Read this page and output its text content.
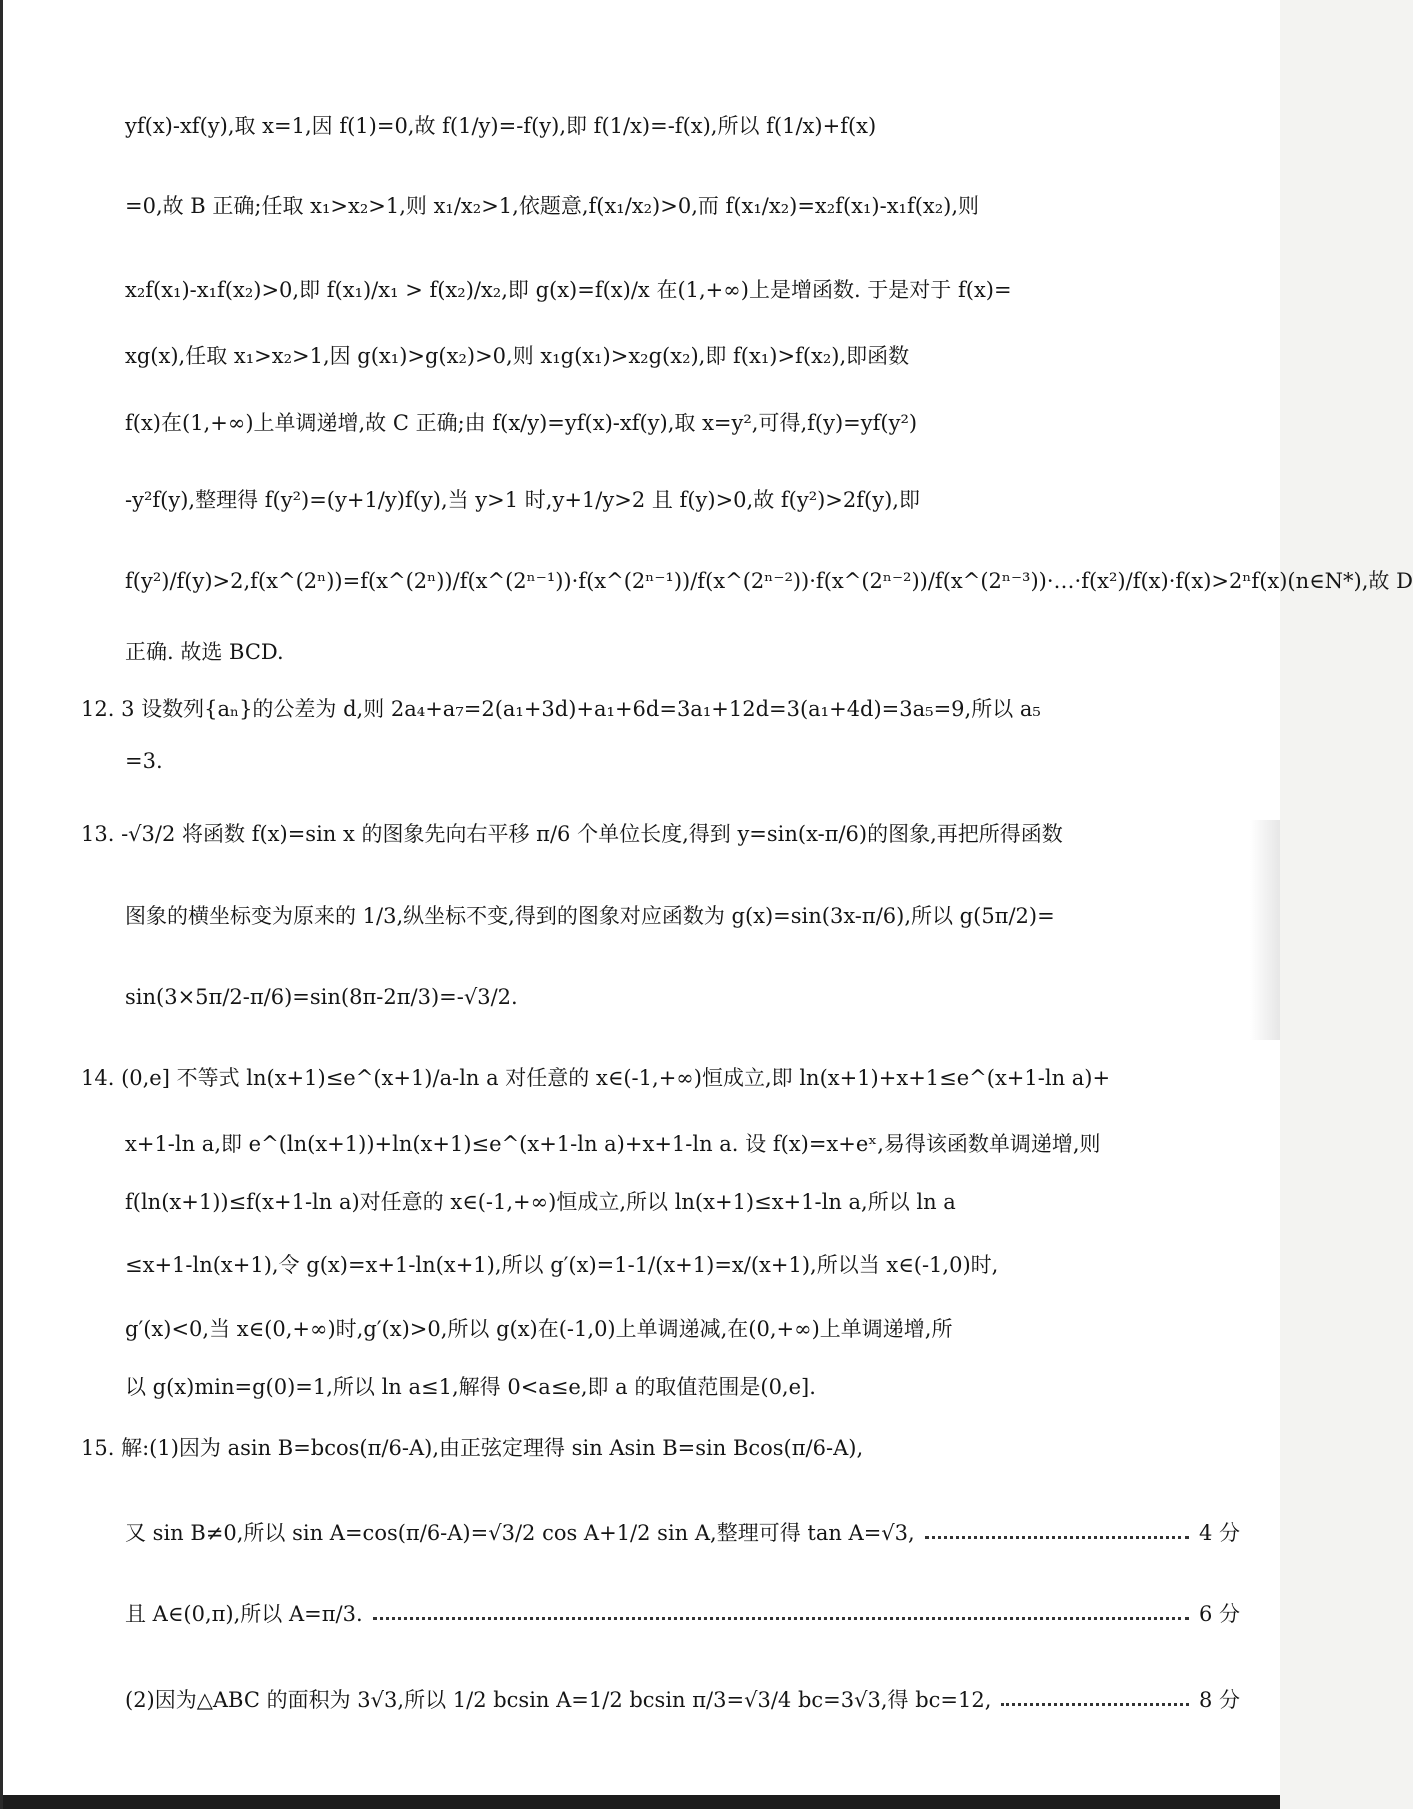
yf(x)-xf(y),取 x=1,因 f(1)=0,故 f(1/y)=-f(y),即 f(1/x)=-f(x),所以 f(1/x)+f(x)
=0,故 B 正确;任取 x₁>x₂>1,则 x₁/x₂>1,依题意,f(x₁/x₂)>0,而 f(x₁/x₂)=x₂f(x₁)-x₁f(x₂),则
x₂f(x₁)-x₁f(x₂)>0,即 f(x₁)/x₁ > f(x₂)/x₂,即 g(x)=f(x)/x 在(1,+∞)上是增函数. 于是对于 f(x)=
xg(x),任取 x₁>x₂>1,因 g(x₁)>g(x₂)>0,则 x₁g(x₁)>x₂g(x₂),即 f(x₁)>f(x₂),即函数
f(x)在(1,+∞)上单调递增,故 C 正确;由 f(x/y)=yf(x)-xf(y),取 x=y²,可得,f(y)=yf(y²)
-y²f(y),整理得 f(y²)=(y+1/y)f(y),当 y>1 时,y+1/y>2 且 f(y)>0,故 f(y²)>2f(y),即
f(y²)/f(y)>2,f(x^(2ⁿ))=f(x^(2ⁿ))/f(x^(2ⁿ⁻¹))·f(x^(2ⁿ⁻¹))/f(x^(2ⁿ⁻²))·f(x^(2ⁿ⁻²))/f(x^(2ⁿ⁻³))·…·f(x²)/f(x)·f(x)>2ⁿf(x)(n∈N*),故 D
正确. 故选 BCD.
12. 3 设数列{aₙ}的公差为 d,则 2a₄+a₇=2(a₁+3d)+a₁+6d=3a₁+12d=3(a₁+4d)=3a₅=9,所以 a₅
=3.
13. -√3/2 将函数 f(x)=sin x 的图象先向右平移 π/6 个单位长度,得到 y=sin(x-π/6)的图象,再把所得函数
图象的横坐标变为原来的 1/3,纵坐标不变,得到的图象对应函数为 g(x)=sin(3x-π/6),所以 g(5π/2)=
sin(3×5π/2-π/6)=sin(8π-2π/3)=-√3/2.
14. (0,e] 不等式 ln(x+1)≤e^(x+1)/a-ln a 对任意的 x∈(-1,+∞)恒成立,即 ln(x+1)+x+1≤e^(x+1-ln a)+
x+1-ln a,即 e^(ln(x+1))+ln(x+1)≤e^(x+1-ln a)+x+1-ln a. 设 f(x)=x+eˣ,易得该函数单调递增,则
f(ln(x+1))≤f(x+1-ln a)对任意的 x∈(-1,+∞)恒成立,所以 ln(x+1)≤x+1-ln a,所以 ln a
≤x+1-ln(x+1),令 g(x)=x+1-ln(x+1),所以 g′(x)=1-1/(x+1)=x/(x+1),所以当 x∈(-1,0)时,
g′(x)<0,当 x∈(0,+∞)时,g′(x)>0,所以 g(x)在(-1,0)上单调递减,在(0,+∞)上单调递增,所
以 g(x)min=g(0)=1,所以 ln a≤1,解得 0<a≤e,即 a 的取值范围是(0,e].
15. 解:(1)因为 asin B=bcos(π/6-A),由正弦定理得 sin Asin B=sin Bcos(π/6-A),
又 sin B≠0,所以 sin A=cos(π/6-A)=√3/2 cos A+1/2 sin A,整理可得 tan A=√3,	4 分
且 A∈(0,π),所以 A=π/3.	6 分
(2)因为△ABC 的面积为 3√3,所以 1/2 bcsin A=1/2 bcsin π/3=√3/4 bc=3√3,得 bc=12,	8 分
